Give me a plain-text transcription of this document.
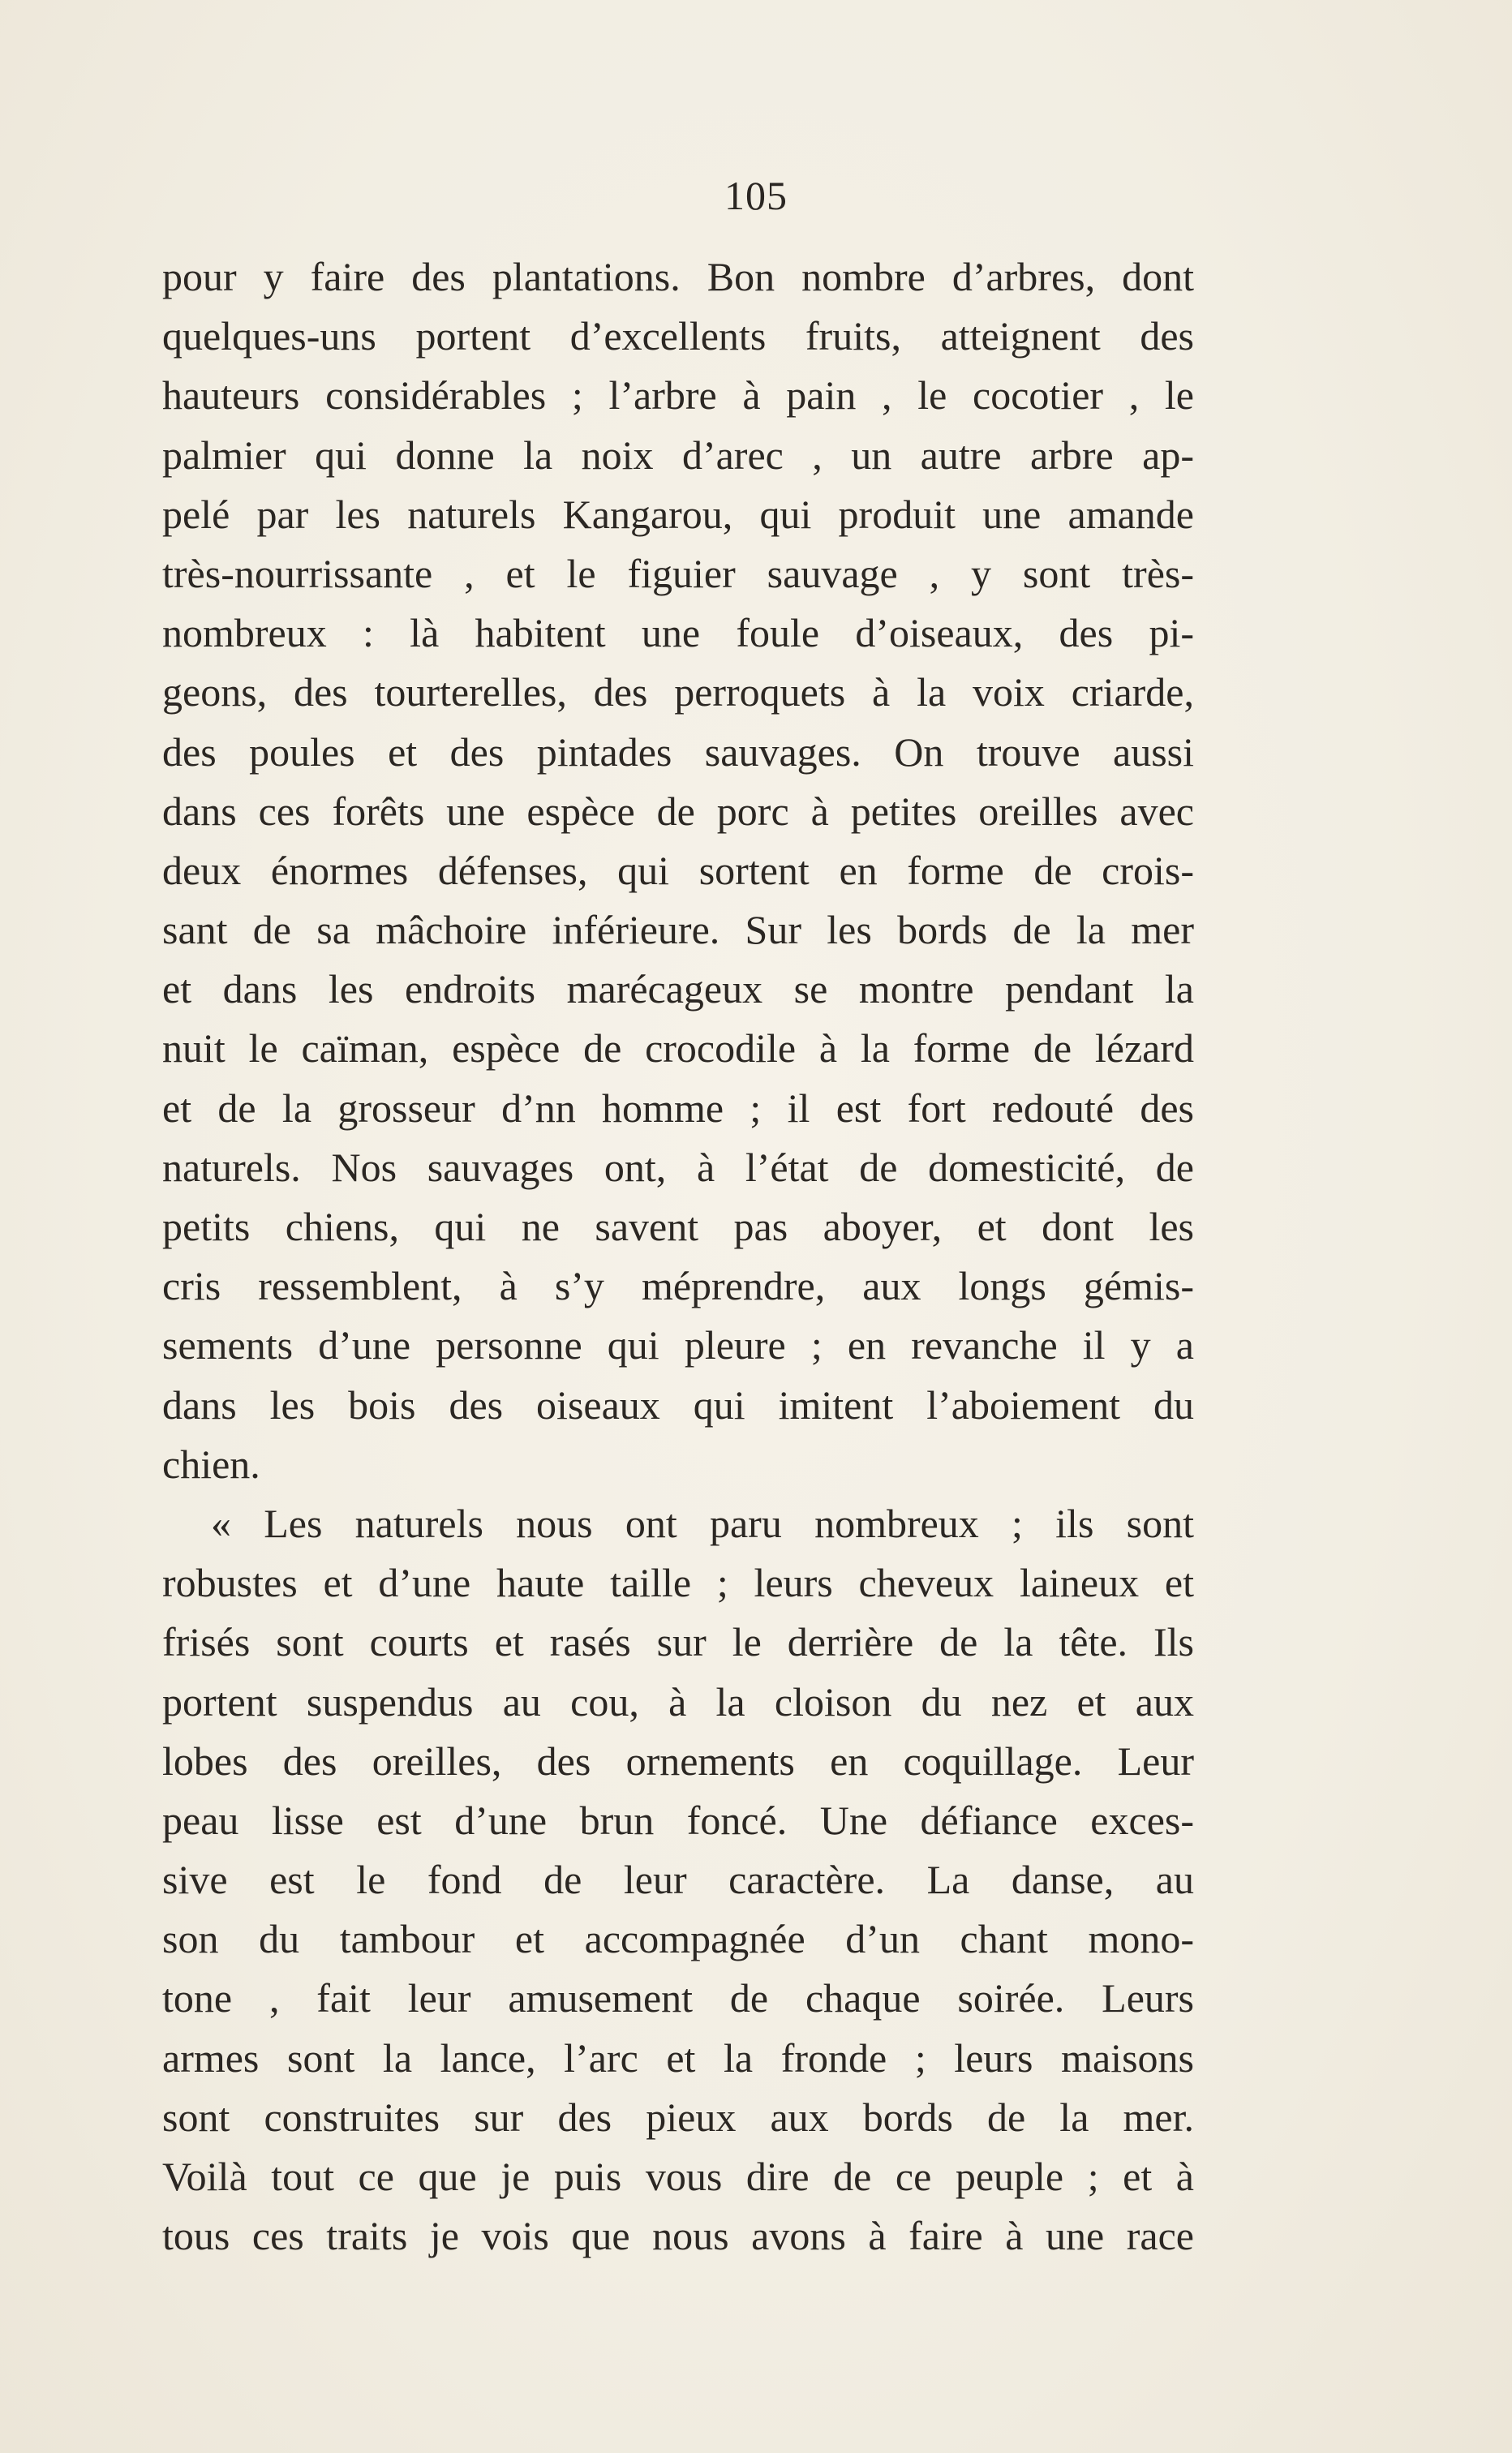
105
pour y faire des plantations. Bon nombre d’arbres, dont
quelques-uns portent d’excellents fruits, atteignent des
hauteurs considérables ; l’arbre à pain , le cocotier , le
palmier qui donne la noix d’arec , un autre arbre ap-
pelé par les naturels Kangarou, qui produit une amande
très-nourrissante , et le figuier sauvage , y sont très-
nombreux : là habitent une foule d’oiseaux, des pi-
geons, des tourterelles, des perroquets à la voix criarde,
des poules et des pintades sauvages. On trouve aussi
dans ces forêts une espèce de porc à petites oreilles avec
deux énormes défenses, qui sortent en forme de crois-
sant de sa mâchoire inférieure. Sur les bords de la mer
et dans les endroits marécageux se montre pendant la
nuit le caïman, espèce de crocodile à la forme de lézard
et de la grosseur d’nn homme ; il est fort redouté des
naturels. Nos sauvages ont, à l’état de domesticité, de
petits chiens, qui ne savent pas aboyer, et dont les
cris ressemblent, à s’y méprendre, aux longs gémis-
sements d’une personne qui pleure ; en revanche il y a
dans les bois des oiseaux qui imitent l’aboiement du
chien.
« Les naturels nous ont paru nombreux ; ils sont
robustes et d’une haute taille ; leurs cheveux laineux et
frisés sont courts et rasés sur le derrière de la tête. Ils
portent suspendus au cou, à la cloison du nez et aux
lobes des oreilles, des ornements en coquillage. Leur
peau lisse est d’une brun foncé. Une défiance exces-
sive est le fond de leur caractère. La danse, au
son du tambour et accompagnée d’un chant mono-
tone , fait leur amusement de chaque soirée. Leurs
armes sont la lance, l’arc et la fronde ; leurs maisons
sont construites sur des pieux aux bords de la mer.
Voilà tout ce que je puis vous dire de ce peuple ; et à
tous ces traits je vois que nous avons à faire à une race
